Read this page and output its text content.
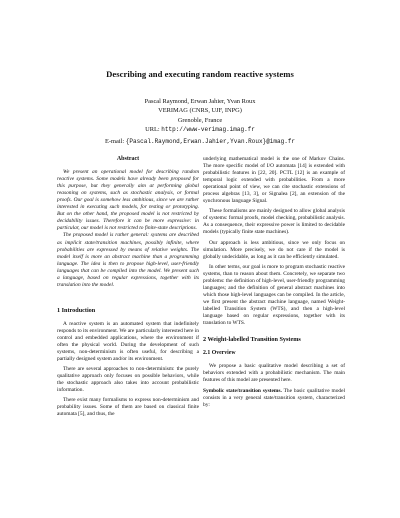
Describing and executing random reactive systems
Pascal Raymond, Erwan Jahier, Yvan Roux
VERIMAG (CNRS, UJF, INPG)
Grenoble, France
URL: http://www-verimag.imag.fr
E-mail: {Pascal.Raymond,Erwan.Jahier,Yvan.Roux}@imag.fr
Abstract

We present an operational model for describing random reactive systems. Some models have already been proposed for this purpose, but they generally aim at performing global reasoning on systems, such as stochastic analysis, or formal proofs. Our goal is somehow less ambitious, since we are rather interested in executing such models, for testing or prototyping. But on the other hand, the proposed model is not restricted by decidability issues. Therefore it can be more expressive: in particular, our model is not restricted to finite-state descriptions.

The proposed model is rather general: systems are described as implicit state/transition machines, possibly infinite, where probabilities are expressed by means of relative weights. The model itself is more an abstract machine than a programming language. The idea is then to propose high-level, user-friendly languages that can be compiled into the model. We present such a language, based on regular expressions, together with its translation into the model.

1 Introduction

A reactive system is an automated system that indefinitely responds to its environment. We are particularly interested here in control and embedded applications, where the environment if often the physical world. During the development of such systems, non-determinism is often useful, for describing a partially designed system and/or its environment.

There are several approaches to non-determinism: the purely qualitative approach only focuses on possible behaviors, while the stochastic approach also takes into account probabilistic information.

There exist many formalisms to express non-determinism and probability issues. Some of them are based on classical finite automata [5], and thus, the

underlying mathematical model is the one of Markov Chains. The more specific model of I/O automata [14] is extended with probabilistic features in [22, 20]. PCTL [12] is an example of temporal logic extended with probabilities. From a more operational point of view, we can cite stochastic extensions of process algebras [13, 3], or Signalea [2], an extension of the synchronous language Signal.

These formalisms are mainly designed to allow global analysis of systems: formal proofs, model checking, probabilistic analysis. As a consequence, their expressive power is limited to decidable models (typically finite state machines).

Our approach is less ambitious, since we only focus on simulation. More precisely, we do not care if the model is globally undecidable, as long as it can be efficiently simulated.

In other terms, our goal is more to program stochastic reactive systems, than to reason about them. Concretely, we separate two problems: the definition of high-level, user-friendly programming languages; and the definition of general abstract machines into which those high-level languages can be compiled. In the article, we first present the abstract machine language, named Weight-labelled Transition System (WTS), and then a high-level language based on regular expressions, together with its translation to WTS.

2 Weight-labelled Transition Systems
2.1 Overview

We propose a basic qualitative model describing a set of behaviors extended with a probabilistic mechanism. The main features of this model are presented here.

Symbolic state/transition systems. The basic qualitative model consists in a very general state/transition system, characterized by:
